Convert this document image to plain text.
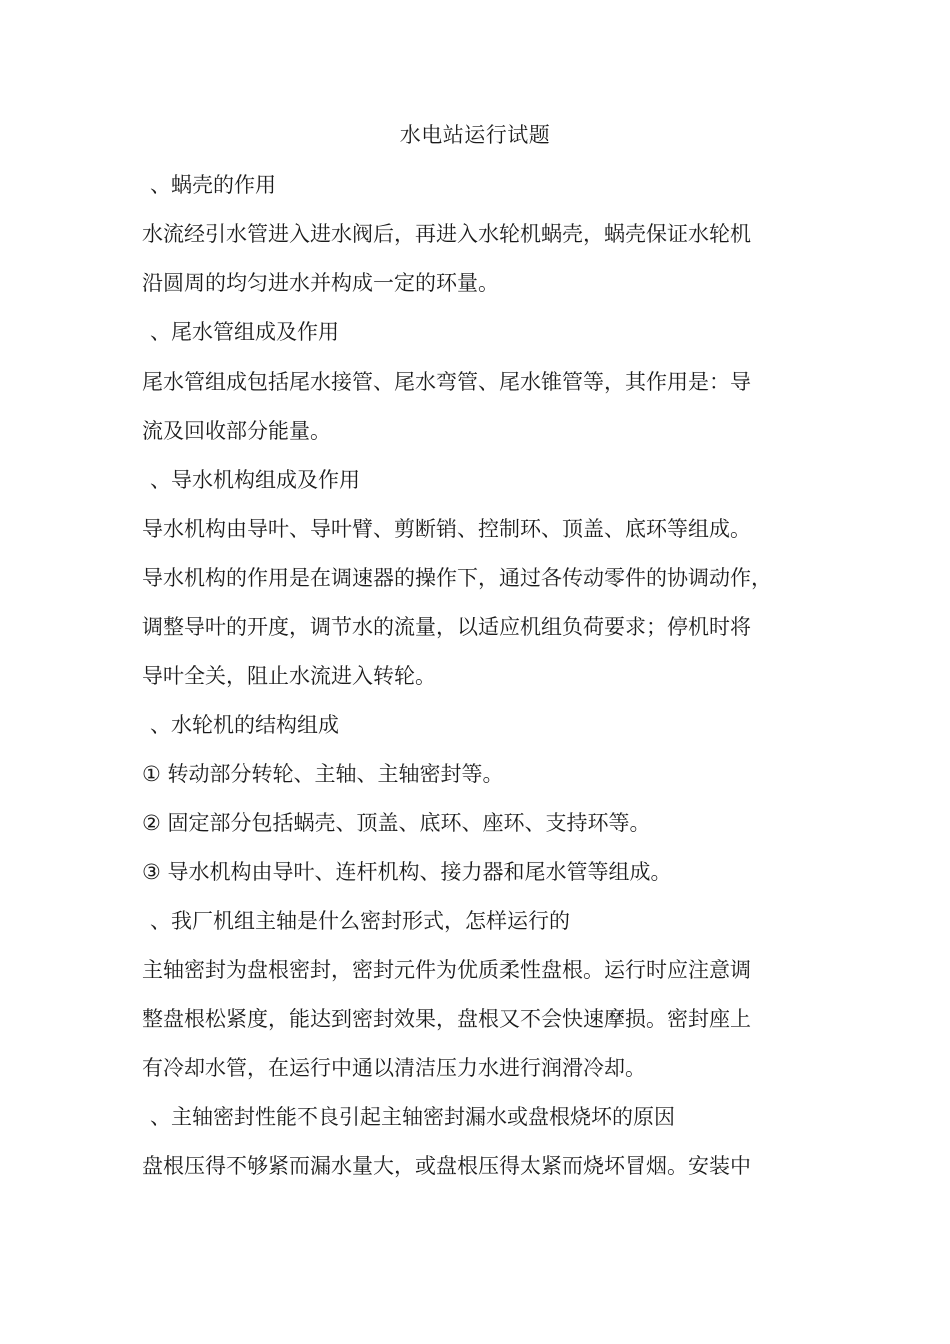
水电站运行试题
、蜗壳的作用
水流经引水管进入进水阀后，再进入水轮机蜗壳，蜗壳保证水轮机
沿圆周的均匀进水并构成一定的环量。
、尾水管组成及作用
尾水管组成包括尾水接管、尾水弯管、尾水锥管等，其作用是：导
流及回收部分能量。
、导水机构组成及作用
导水机构由导叶、导叶臂、剪断销、控制环、顶盖、底环等组成。
导水机构的作用是在调速器的操作下，通过各传动零件的协调动作，
调整导叶的开度，调节水的流量，以适应机组负荷要求；停机时将
导叶全关，阻止水流进入转轮。
、水轮机的结构组成
① 转动部分转轮、主轴、主轴密封等。
② 固定部分包括蜗壳、顶盖、底环、座环、支持环等。
③ 导水机构由导叶、连杆机构、接力器和尾水管等组成。
、我厂机组主轴是什么密封形式，怎样运行的
主轴密封为盘根密封，密封元件为优质柔性盘根。运行时应注意调
整盘根松紧度，能达到密封效果，盘根又不会快速摩损。密封座上
有冷却水管，在运行中通以清洁压力水进行润滑冷却。
、主轴密封性能不良引起主轴密封漏水或盘根烧坏的原因
盘根压得不够紧而漏水量大，或盘根压得太紧而烧坏冒烟。安装中
